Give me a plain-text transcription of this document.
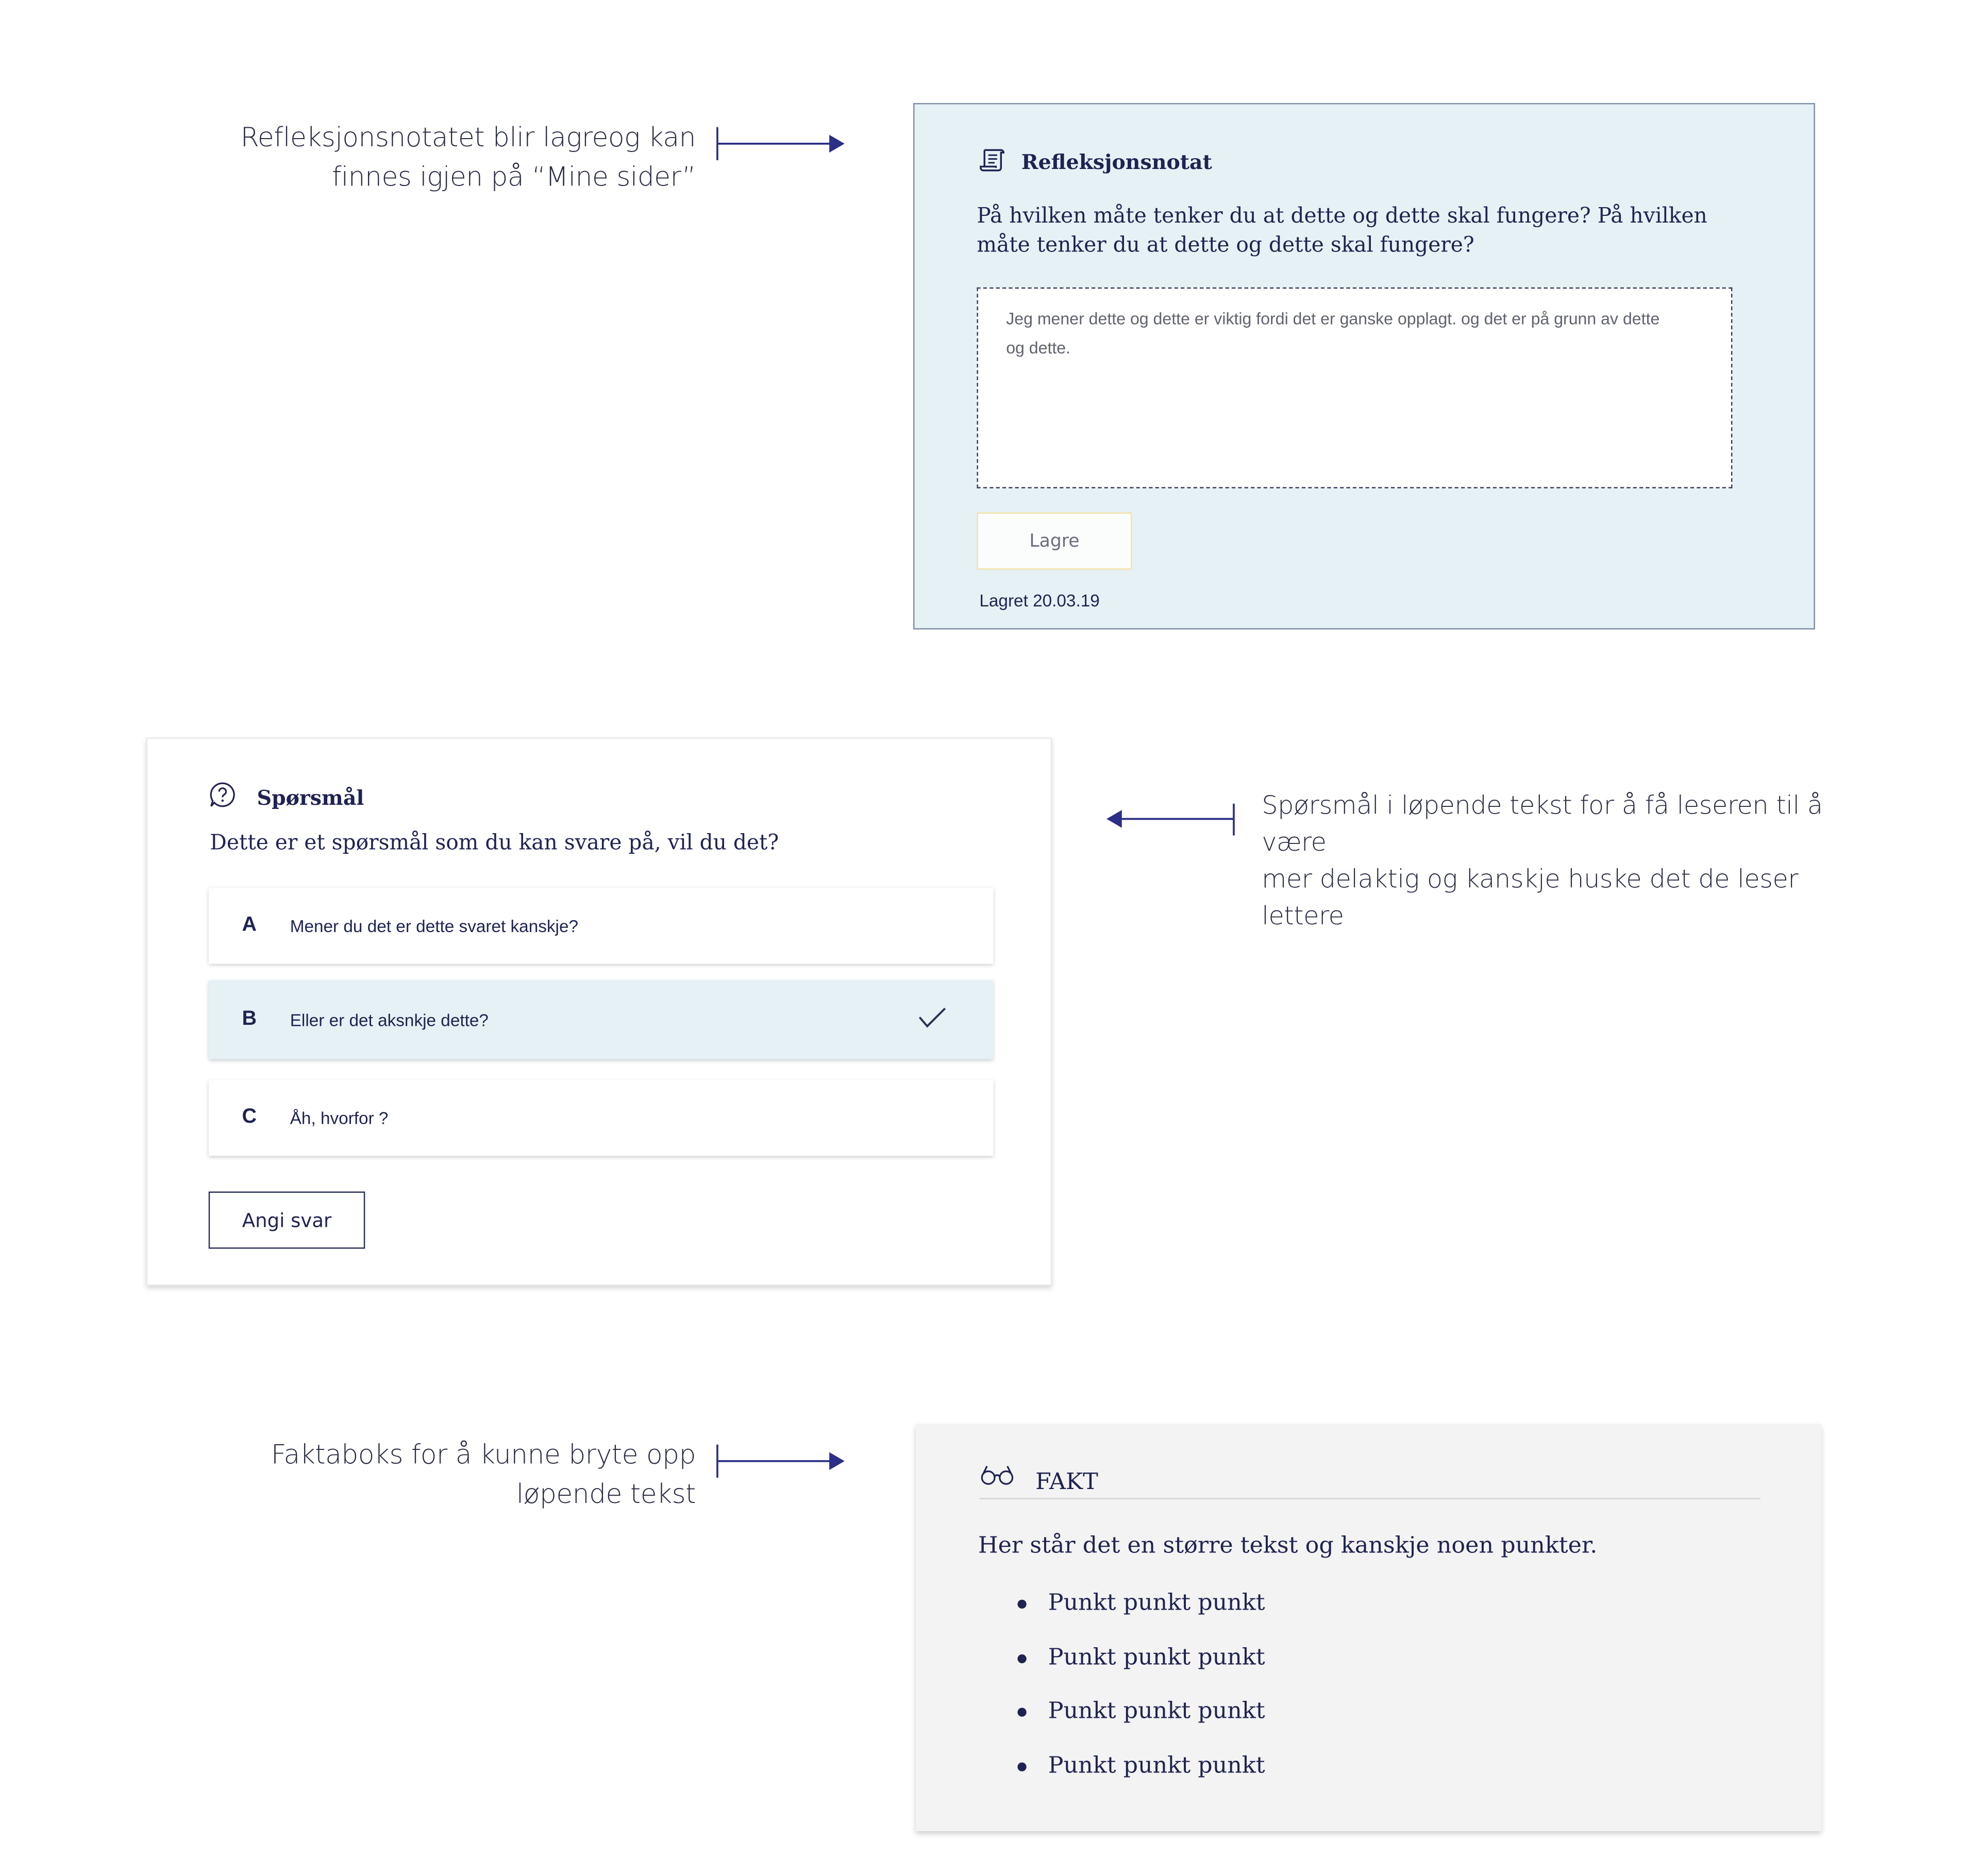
Refleksjonsnotatet blir lagreog kan
finnes igjen på “Mine sider”	Refleksjonsnotat
På hvilken måte tenker du at dette og dette skal fungere? På hvilken måte tenker du at dette og dette skal fungere?
Jeg mener dette og dette er viktig fordi det er ganske opplagt. og det er på grunn av dette og dette.
Lagre
Lagret 20.03.19
Spørsmål
Dette er et spørsmål som du kan svare på, vil du det?
A	Mener du det er dette svaret kanskje?
B	Eller er det aksnkje dette?
C	Åh, hvorfor ?
Angi svar
Spørsmål i løpende tekst for å få leseren til å være
mer delaktig og kanskje huske det de leser lettere
Faktaboks for å kunne bryte opp
løpende tekst	FAKT
Her står det en større tekst og kanskje noen punkter.
Punkt punkt punkt
Punkt punkt punkt
Punkt punkt punkt
Punkt punkt punkt
